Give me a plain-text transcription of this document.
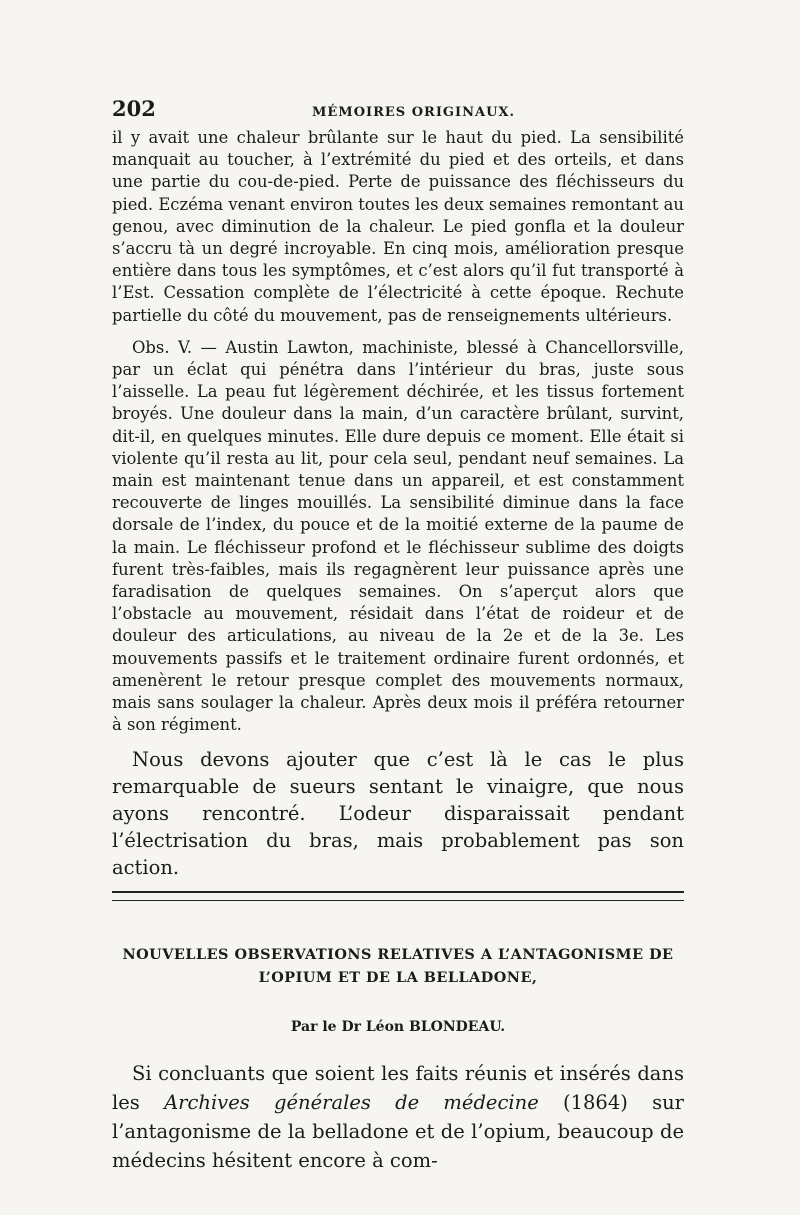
202	MÉMOIRES ORIGINAUX.

il y avait une chaleur brûlante sur le haut du pied. La sensibilité manquait au toucher, à l’extrémité du pied et des orteils, et dans une partie du cou-de-pied. Perte de puissance des fléchisseurs du pied. Eczéma venant environ toutes les deux semaines remontant au genou, avec diminution de la chaleur. Le pied gonfla et la douleur s’accru tà un degré incroyable. En cinq mois, amélioration presque entière dans tous les symptômes, et c’est alors qu’il fut transporté à l’Est. Cessation complète de l’électricité à cette époque. Rechute partielle du côté du mouvement, pas de renseignements ultérieurs.

Obs. V. — Austin Lawton, machiniste, blessé à Chancellorsville, par un éclat qui pénétra dans l’intérieur du bras, juste sous l’aisselle. La peau fut légèrement déchirée, et les tissus fortement broyés. Une douleur dans la main, d’un caractère brûlant, survint, dit-il, en quelques minutes. Elle dure depuis ce moment. Elle était si violente qu’il resta au lit, pour cela seul, pendant neuf semaines. La main est maintenant tenue dans un appareil, et est constamment recouverte de linges mouillés. La sensibilité diminue dans la face dorsale de l’index, du pouce et de la moitié externe de la paume de la main. Le fléchisseur profond et le fléchisseur sublime des doigts furent très-faibles, mais ils regagnèrent leur puissance après une faradisation de quelques semaines. On s’aperçut alors que l’obstacle au mouvement, résidait dans l’état de roideur et de douleur des articulations, au niveau de la 2e et de la 3e. Les mouvements passifs et le traitement ordinaire furent ordonnés, et amenèrent le retour presque complet des mouvements normaux, mais sans soulager la chaleur. Après deux mois il préféra retourner à son régiment.

Nous devons ajouter que c’est là le cas le plus remarquable de sueurs sentant le vinaigre, que nous ayons rencontré. L’odeur disparaissait pendant l’électrisation du bras, mais probablement pas son action.

NOUVELLES OBSERVATIONS RELATIVES A L’ANTAGONISME DE
L’OPIUM ET DE LA BELLADONE,
Par le Dr Léon BLONDEAU.

Si concluants que soient les faits réunis et insérés dans les Archives générales de médecine (1864) sur l’antagonisme de la belladone et de l’opium, beaucoup de médecins hésitent encore à com-
